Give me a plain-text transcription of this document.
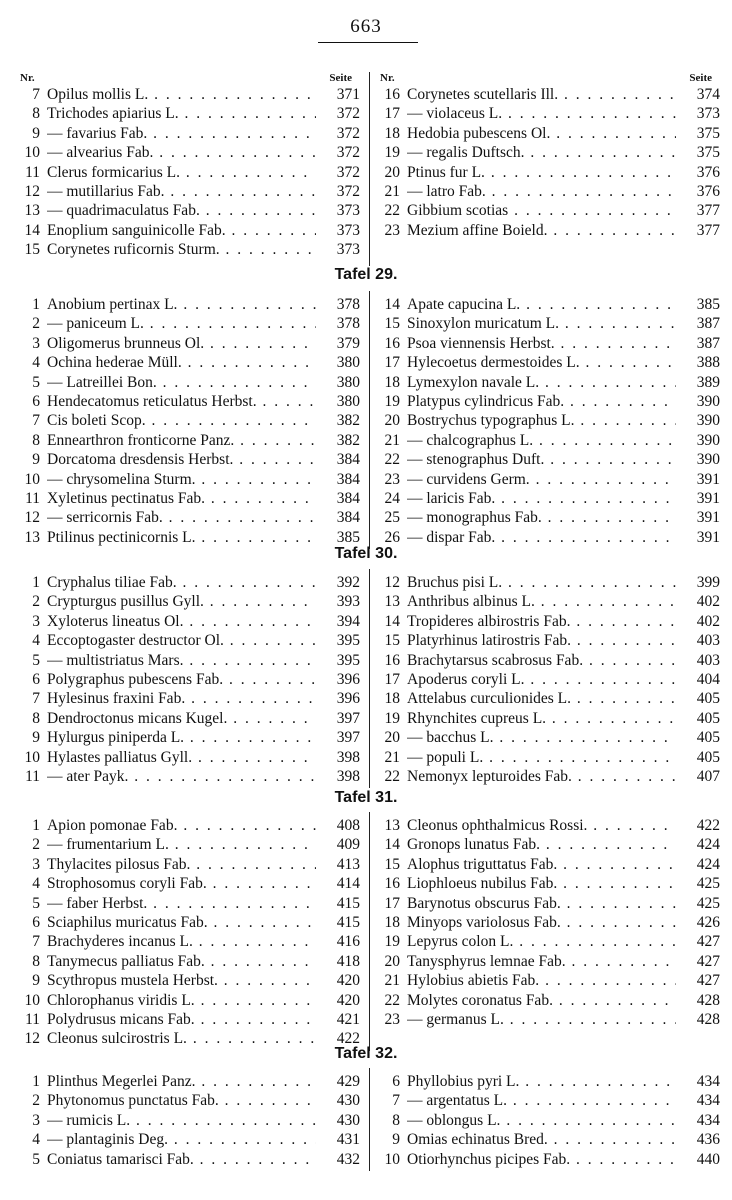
663
Nr.	Seite
7 Opilus mollis L. . . .	371
8 Trichodes apiarius L. . . .	372
9 — favarius Fab. . . .	372
10 — alvearius Fab. . . .	372
11 Clerus formicarius L. . . .	372
12 — mutillarius Fab. . . .	372
13 — quadrimaculatus Fab. . . .	373
14 Enoplium sanguinicolle Fab. . . .	373
15 Corynetes ruficornis Sturm. . . .	373
Nr.	Seite
16 Corynetes scutellaris Ill. . . .	374
17 — violaceus L. . . .	373
18 Hedobia pubescens Ol. . . .	375
19 — regalis Duftsch. . . .	375
20 Ptinus fur L. . . .	376
21 — latro Fab. . . .	376
22 Gibbium scotias . . .	377
23 Mezium affine Boield. . . .	377
Tafel 29.
1 Anobium pertinax L. . . .	378
2 — paniceum L. . . .	378
3 Oligomerus brunneus Ol. . . .	379
4 Ochina hederae Müll. . . .	380
5 — Latreillei Bon. . . .	380
6 Hendecatomus reticulatus Herbst. . . .	380
7 Cis boleti Scop. . . .	382
8 Ennearthron fronticorne Panz. . . .	382
9 Dorcatoma dresdensis Herbst. . . .	384
10 — chrysomelina Sturm. . . .	384
11 Xyletinus pectinatus Fab. . . .	384
12 — serricornis Fab. . . .	384
13 Ptilinus pectinicornis L. . . .	385
14 Apate capucina L. . . .	385
15 Sinoxylon muricatum L. . . .	387
16 Psoa viennensis Herbst. . . .	387
17 Hylecoetus dermestoides L. . . .	388
18 Lymexylon navale L. . . .	389
19 Platypus cylindricus Fab. . . .	390
20 Bostrychus typographus L. . . .	390
21 — chalcographus L. . . .	390
22 — stenographus Duft. . . .	390
23 — curvidens Germ. . . .	391
24 — laricis Fab. . . .	391
25 — monographus Fab. . . .	391
26 — dispar Fab. . . .	391
Tafel 30.
1 Cryphalus tiliae Fab. . . .	392
2 Crypturgus pusillus Gyll. . . .	393
3 Xyloterus lineatus Ol. . . .	394
4 Eccoptogaster destructor Ol. . . .	395
5 — multistriatus Mars. . . .	395
6 Polygraphus pubescens Fab. . . .	396
7 Hylesinus fraxini Fab. . . .	396
8 Dendroctonus micans Kugel. . . .	397
9 Hylurgus piniperda L. . . .	397
10 Hylastes palliatus Gyll. . . .	398
11 — ater Payk. . . .	398
12 Bruchus pisi L. . . .	399
13 Anthribus albinus L. . . .	402
14 Tropideres albirostris Fab. . . .	402
15 Platyrhinus latirostris Fab. . . .	403
16 Brachytarsus scabrosus Fab. . . .	403
17 Apoderus coryli L. . . .	404
18 Attelabus curculionides L. . . .	405
19 Rhynchites cupreus L. . . .	405
20 — bacchus L. . . .	405
21 — populi L. . . .	405
22 Nemonyx lepturoides Fab. . . .	407
Tafel 31.
1 Apion pomonae Fab. . . .	408
2 — frumentarium L. . . .	409
3 Thylacites pilosus Fab. . . .	413
4 Strophosomus coryli Fab. . . .	414
5 — faber Herbst. . . .	415
6 Sciaphilus muricatus Fab. . . .	415
7 Brachyderes incanus L. . . .	416
8 Tanymecus palliatus Fab. . . .	418
9 Scythropus mustela Herbst. . . .	420
10 Chlorophanus viridis L. . . .	420
11 Polydrusus micans Fab. . . .	421
12 Cleonus sulcirostris L. . . .	422
13 Cleonus ophthalmicus Rossi. . . .	422
14 Gronops lunatus Fab. . . .	424
15 Alophus triguttatus Fab. . . .	424
16 Liophloeus nubilus Fab. . . .	425
17 Barynotus obscurus Fab. . . .	425
18 Minyops variolosus Fab. . . .	426
19 Lepyrus colon L. . . .	427
20 Tanysphyrus lemnae Fab. . . .	427
21 Hylobius abietis Fab. . . .	427
22 Molytes coronatus Fab. . . .	428
23 — germanus L. . . .	428
Tafel 32.
1 Plinthus Megerlei Panz. . . .	429
2 Phytonomus punctatus Fab. . . .	430
3 — rumicis L. . . .	430
4 — plantaginis Deg. . . .	431
5 Coniatus tamarisci Fab. . . .	432
6 Phyllobius pyri L. . . .	434
7 — argentatus L. . . .	434
8 — oblongus L. . . .	434
9 Omias echinatus Bred. . . .	436
10 Otiorhynchus picipes Fab. . . .	440
